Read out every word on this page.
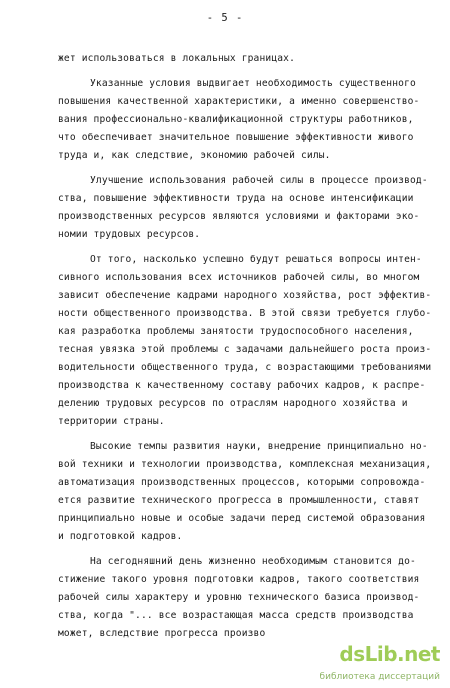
- 5 -
жет использоваться в локальных границах.
Указанные условия выдвигает необходимость существенного
повышения качественной характеристики, а именно совершенство-
вания профессионально-квалификационной структуры работников,
что обеспечивает значительное повышение эффективности живого
труда и, как следствие, экономию рабочей силы.
Улучшение использования рабочей силы в процессе производ-
ства, повышение эффективности труда на основе интенсификации
производственных ресурсов являются условиями и факторами эко-
номии трудовых ресурсов.
От того, насколько успешно будут решаться вопросы интен-
сивного использования всех источников рабочей силы, во многом
зависит обеспечение кадрами народного хозяйства, рост эффектив-
ности общественного производства. В этой связи требуется глубо-
кая разработка проблемы занятости трудоспособного населения,
тесная увязка этой проблемы с задачами дальнейшего роста произ-
водительности общественного труда, с возрастающими требованиями
производства к качественному составу рабочих кадров, к распре-
делению трудовых ресурсов по отраслям народного хозяйства и
территории страны.
Высокие темпы развития науки, внедрение принципиально но-
вой техники и технологии производства, комплексная механизация,
автоматизация производственных процессов, которыми сопровожда-
ется развитие технического прогресса в промышленности, ставят
принципиально новые и особые задачи перед системой образования
и подготовкой кадров.
На сегодняшний день жизненно необходимым становится до-
стижение такого уровня подготовки кадров, такого соответствия
рабочей силы характеру и уровню технического базиса производ-
ства, когда "... все возрастающая масса средств производства
может, вследствие прогресса произво
dsLib.net
библиотека диссертаций
